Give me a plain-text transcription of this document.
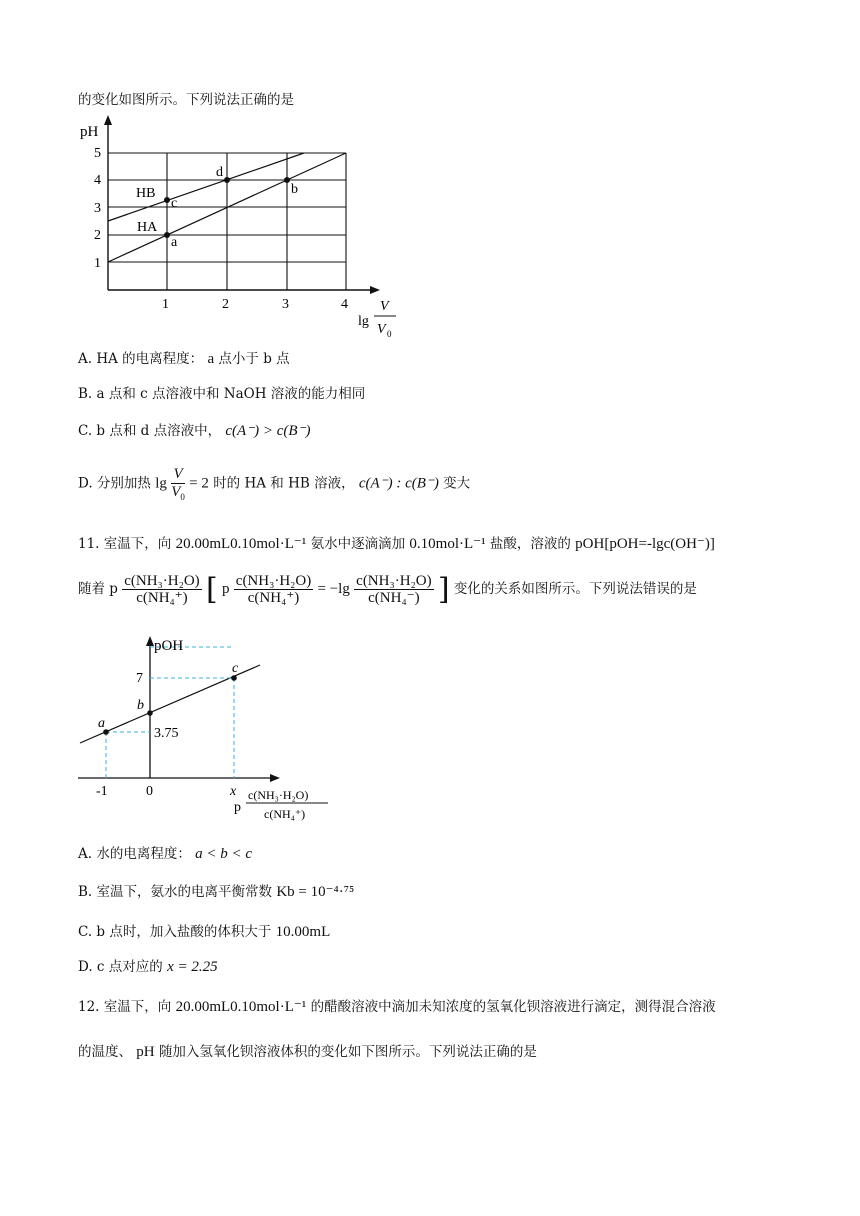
的变化如图所示。下列说法正确的是
pH
5
4
3
2
1
1	2	3	4
HA
HB
a
c
d
b
lg
V
V 0
A. HA 的电离程度： a 点小于 b 点
B. a 点和 c 点溶液中和 NaOH 溶液的能力相同
C. b 点和 d 点溶液中， c(A⁻) > c(B⁻)
D. 分别加热 $\lg \frac{V}{V_0} = 2$ 时的 HA 和 HB 溶液， c(A⁻) : c(B⁻) 变大
11. 室温下，向 20.00mL0.10mol·L⁻¹ 氨水中逐滴滴加 0.10mol·L⁻¹ 盐酸，溶液的 pOH[pOH=-lgc(OH⁻)]
随着 p $\frac{\text{c(NH₃·H₂O)}}{\text{c(NH₄⁺)}}$ [ p $\frac{\text{c(NH₃·H₂O)}}{\text{c(NH₄⁺)}} = -\lg \frac{\text{c(NH₃·H₂O)}}{\text{c(NH₄⁻)}}$ ] 变化的关系如图所示。下列说法错误的是
pOH
7
3.75
a
b
c
-1	0	x
p
c(NH₃·H₂O)
c(NH₄⁺)
A. 水的电离程度： a < b < c
B. 室温下，氨水的电离平衡常数 Kb = 10⁻⁴·⁷⁵
C. b 点时，加入盐酸的体积大于 10.00mL
D. c 点对应的 x = 2.25
12. 室温下，向 20.00mL0.10mol·L⁻¹ 的醋酸溶液中滴加未知浓度的氢氧化钡溶液进行滴定，测得混合溶液
的温度、 pH 随加入氢氧化钡溶液体积的变化如下图所示。下列说法正确的是
